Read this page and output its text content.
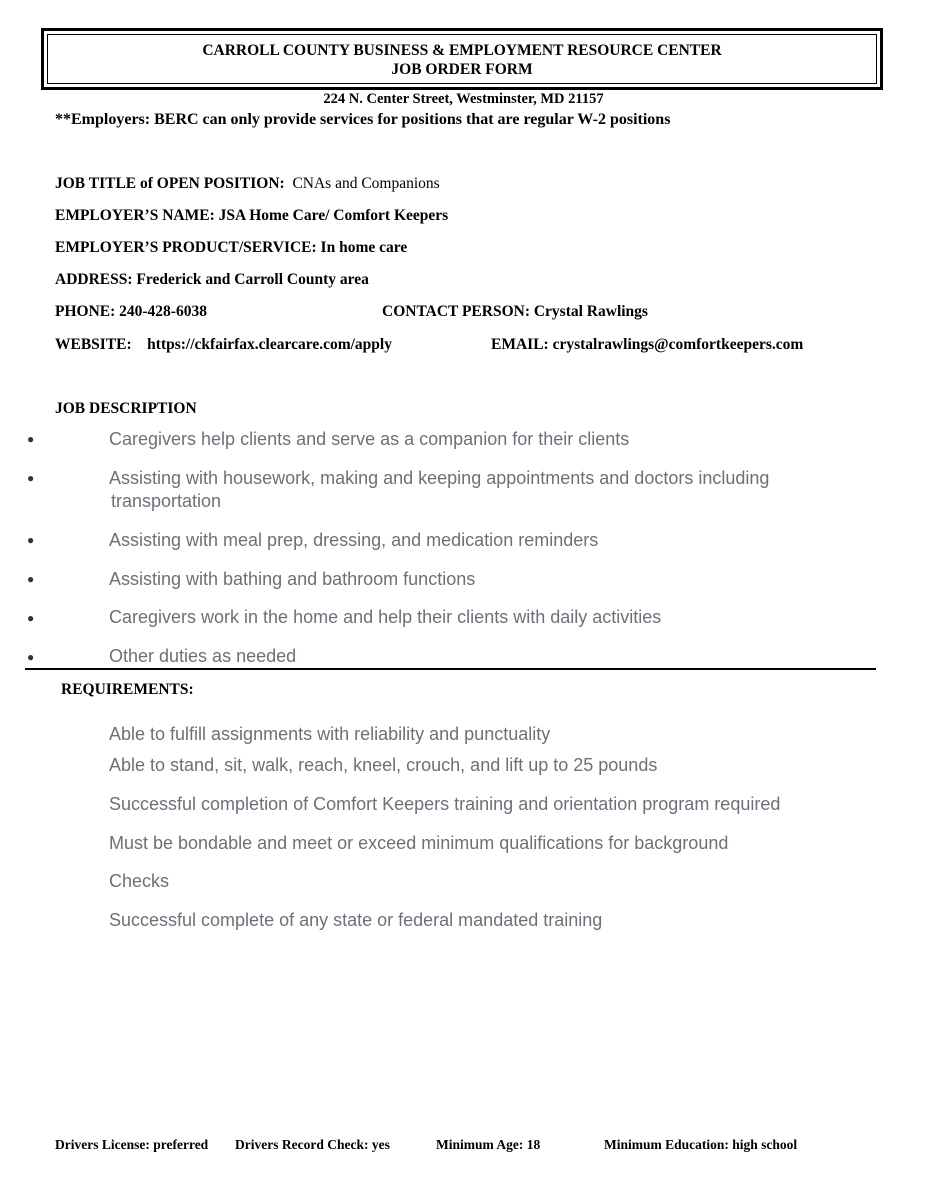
CARROLL COUNTY BUSINESS & EMPLOYMENT RESOURCE CENTER
JOB ORDER FORM
224 N. Center Street, Westminster, MD 21157
**Employers: BERC can only provide services for positions that are regular W-2 positions
JOB TITLE of OPEN POSITION: CNAs and Companions
EMPLOYER’S NAME: JSA Home Care/ Comfort Keepers
EMPLOYER’S PRODUCT/SERVICE: In home care
ADDRESS: Frederick and Carroll County area
PHONE: 240-428-6038	CONTACT PERSON: Crystal Rawlings
WEBSITE:    https://ckfairfax.clearcare.com/apply	EMAIL: crystalrawlings@comfortkeepers.com
JOB DESCRIPTION
●	Caregivers help clients and serve as a companion for their clients
●	Assisting with housework, making and keeping appointments and doctors including
transportation
●	Assisting with meal prep, dressing, and medication reminders
●	Assisting with bathing and bathroom functions
●	Caregivers work in the home and help their clients with daily activities
●	Other duties as needed
REQUIREMENTS:
Able to fulfill assignments with reliability and punctuality
Able to stand, sit, walk, reach, kneel, crouch, and lift up to 25 pounds
Successful completion of Comfort Keepers training and orientation program required
Must be bondable and meet or exceed minimum qualifications for background
Checks
Successful complete of any state or federal mandated training
Drivers License: preferred Drivers Record Check: yes	Minimum Age: 18	Minimum Education: high school
